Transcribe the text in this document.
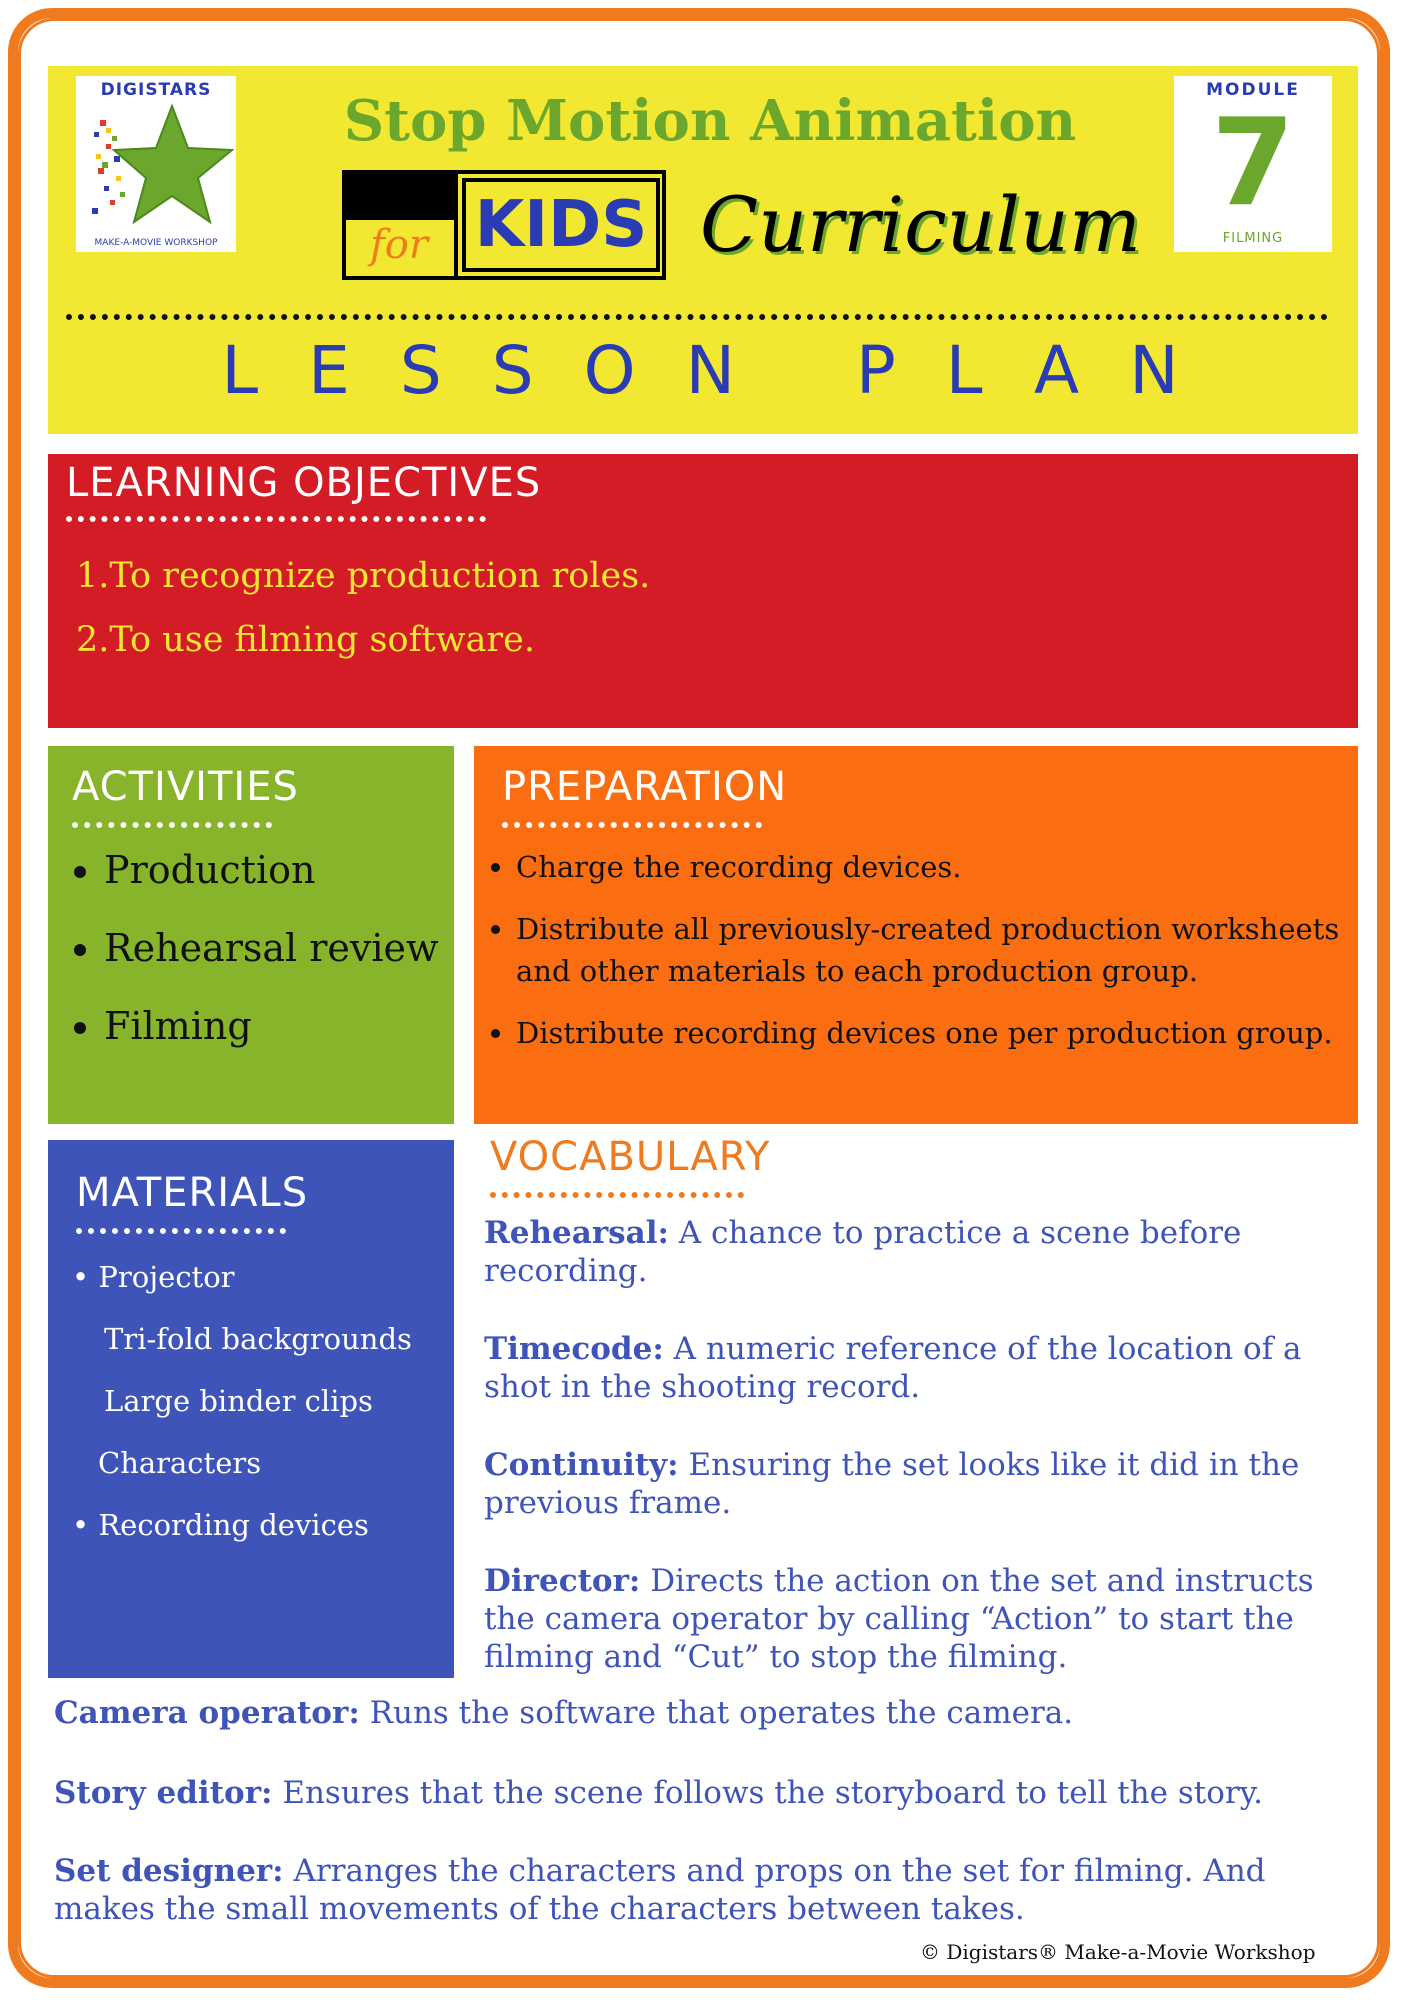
DIGISTARS
MAKE-A-MOVIE WORKSHOP
Stop Motion Animation
for KIDS Curriculum
MODULE
7
FILMING
LESSON PLAN
LEARNING OBJECTIVES
1.To recognize production roles.
2.To use filming software.
ACTIVITIES
• Production
• Rehearsal review
• Filming
PREPARATION
• Charge the recording devices.
• Distribute all previously-created production worksheets and other materials to each production group.
• Distribute recording devices one per production group.
MATERIALS
• Projector
Tri-fold backgrounds
Large binder clips
Characters
• Recording devices
VOCABULARY
Rehearsal: A chance to practice a scene before recording.
Timecode: A numeric reference of the location of a shot in the shooting record.
Continuity: Ensuring the set looks like it did in the previous frame.
Director: Directs the action on the set and instructs the camera operator by calling “Action” to start the filming and “Cut” to stop the filming.
Camera operator: Runs the software that operates the camera.
Story editor: Ensures that the scene follows the storyboard to tell the story.
Set designer: Arranges the characters and props on the set for filming. And makes the small movements of the characters between takes.
© Digistars® Make-a-Movie Workshop
